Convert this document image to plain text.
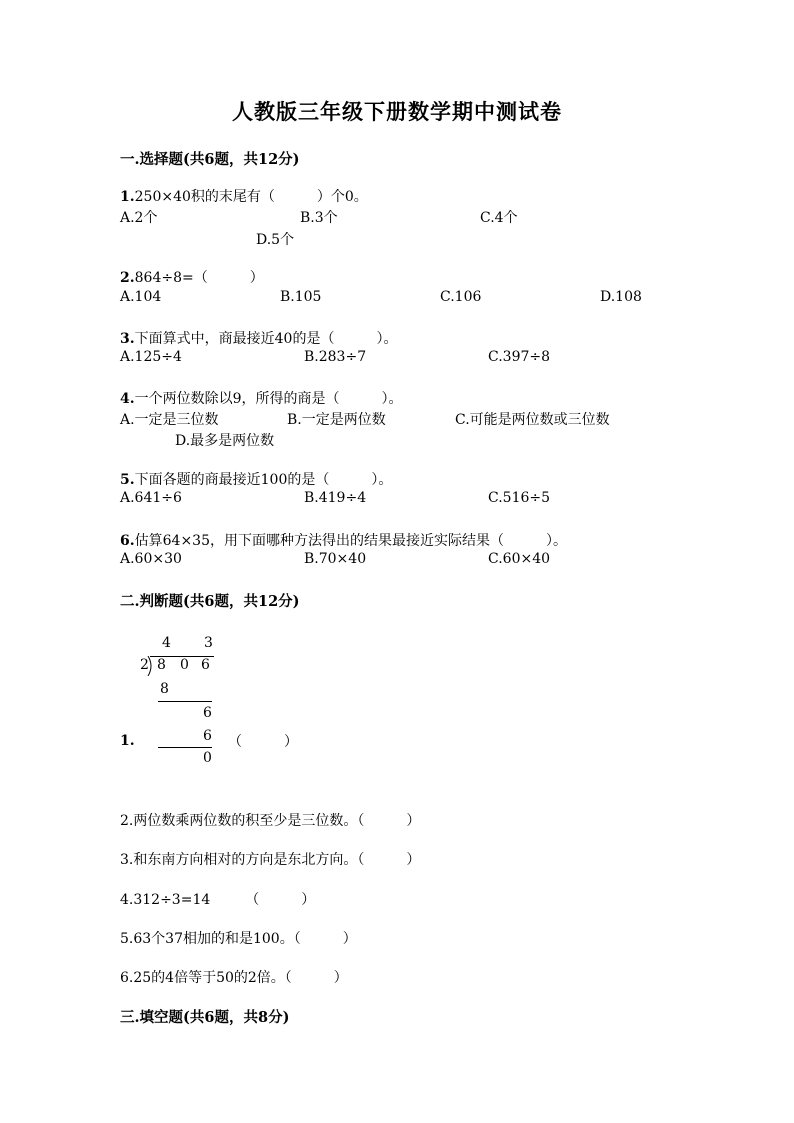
人教版三年级下册数学期中测试卷
一.选择题(共6题，共12分)
1.250×40积的末尾有（　　　）个0。
A.2个	B.3个	C.4个
D.5个
2.864÷8=（　　　）
A.104	B.105	C.106	D.108
3.下面算式中，商最接近40的是（　　　）。
A.125÷4	B.283÷7	C.397÷8
4.一个两位数除以9，所得的商是（　　　）。
A.一定是三位数	B.一定是两位数	C.可能是两位数或三位数
D.最多是两位数
5.下面各题的商最接近100的是（　　　）。
A.641÷6	B.419÷4	C.516÷5
6.估算64×35，用下面哪种方法得出的结果最接近实际结果（　　　）。
A.60×30	B.70×40	C.60×40
二.判断题(共6题，共12分)
4 3
2 8 0 6
8
6
6
0
1.	（　　　）
2.两位数乘两位数的积至少是三位数。（　　　）
3.和东南方向相对的方向是东北方向。（　　　）
4.312÷3=14　　　（　　　）
5.63个37相加的和是100。（　　　）
6.25的4倍等于50的2倍。（　　　）
三.填空题(共6题，共8分)
